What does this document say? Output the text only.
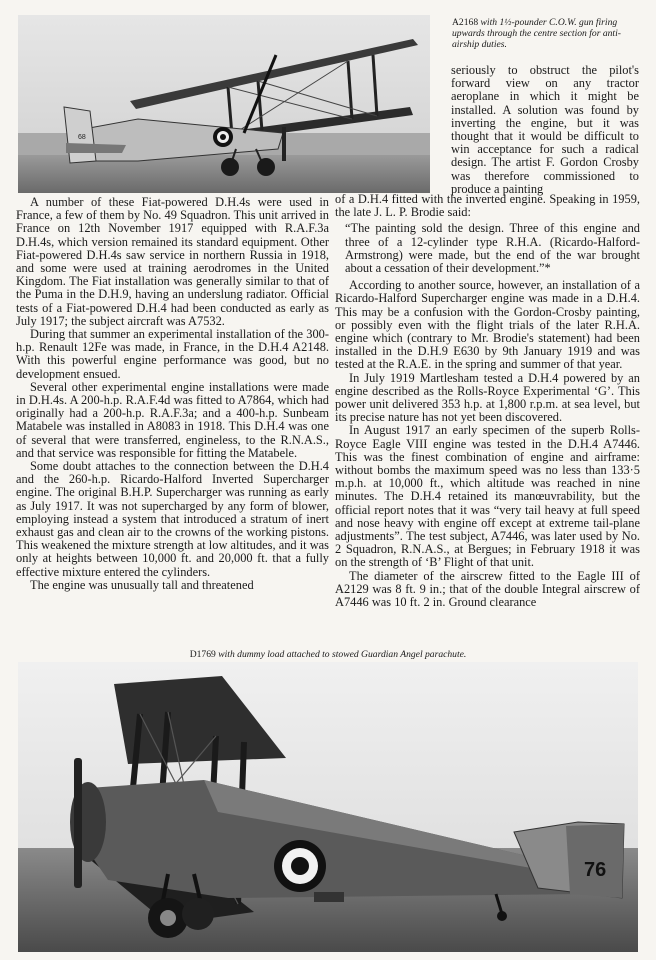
68
A2168 with 1½-pounder C.O.W. gun firing upwards through the centre section for anti-airship duties.

seriously to obstruct the pilot's forward view on any tractor aeroplane in which it might be installed. A solution was found by inverting the engine, but it was thought that it would be difficult to win acceptance for such a radical design. The artist F. Gordon Crosby was therefore commissioned to produce a painting

A number of these Fiat-powered D.H.4s were used in France, a few of them by No. 49 Squadron. This unit arrived in France on 12th November 1917 equipped with R.A.F.3a D.H.4s, which version remained its standard equipment. Other Fiat-powered D.H.4s saw service in northern Russia in 1918, and some were used at training aerodromes in the United Kingdom. The Fiat installation was generally similar to that of the Puma in the D.H.9, having an underslung radiator. Official tests of a Fiat-powered D.H.4 had been conducted as early as July 1917; the subject aircraft was A7532.

During that summer an experimental installation of the 300-h.p. Renault 12Fe was made, in France, in the D.H.4 A2148. With this powerful engine performance was good, but no development ensued.

Several other experimental engine installations were made in D.H.4s. A 200-h.p. R.A.F.4d was fitted to A7864, which had originally had a 200-h.p. R.A.F.3a; and a 400-h.p. Sunbeam Matabele was installed in A8083 in 1918. This D.H.4 was one of several that were transferred, engineless, to the R.N.A.S., and that service was responsible for fitting the Matabele.

Some doubt attaches to the connection between the D.H.4 and the 260-h.p. Ricardo-Halford Inverted Supercharger engine. The original B.H.P. Supercharger was running as early as July 1917. It was not supercharged by any form of blower, employing instead a system that introduced a stratum of inert exhaust gas and clean air to the crowns of the working pistons. This weakened the mixture strength at low altitudes, and it was only at heights between 10,000 ft. and 20,000 ft. that a fully effective mixture entered the cylinders.

The engine was unusually tall and threatened

of a D.H.4 fitted with the inverted engine. Speaking in 1959, the late J. L. P. Brodie said:

“The painting sold the design. Three of this engine and three of a 12-cylinder type R.H.A. (Ricardo-Halford-Armstrong) were made, but the end of the war brought about a cessation of their development.”*

According to another source, however, an installation of a Ricardo-Halford Supercharger engine was made in a D.H.4. This may be a confusion with the Gordon-Crosby painting, or possibly even with the flight trials of the later R.H.A. engine which (contrary to Mr. Brodie's statement) had been installed in the D.H.9 E630 by 9th January 1919 and was tested at the R.A.E. in the spring and summer of that year.

In July 1919 Martlesham tested a D.H.4 powered by an engine described as the Rolls-Royce Experimental ‘G’. This power unit delivered 353 h.p. at 1,800 r.p.m. at sea level, but its precise nature has not yet been discovered.

In August 1917 an early specimen of the superb Rolls-Royce Eagle VIII engine was tested in the D.H.4 A7446. This was the finest combination of engine and airframe: without bombs the maximum speed was no less than 133·5 m.p.h. at 10,000 ft., which altitude was reached in nine minutes. The D.H.4 retained its manœuvrability, but the official report notes that it was “very tail heavy at full speed and nose heavy with engine off except at extreme tail-plane adjustments”. The test subject, A7446, was later used by No. 2 Squadron, R.N.A.S., at Bergues; in February 1918 it was on the strength of ‘B’ Flight of that unit.

The diameter of the airscrew fitted to the Eagle III of A2129 was 8 ft. 9 in.; that of the double Integral airscrew of A7446 was 10 ft. 2 in. Ground clearance

D1769 with dummy load attached to stowed Guardian Angel parachute.
76
